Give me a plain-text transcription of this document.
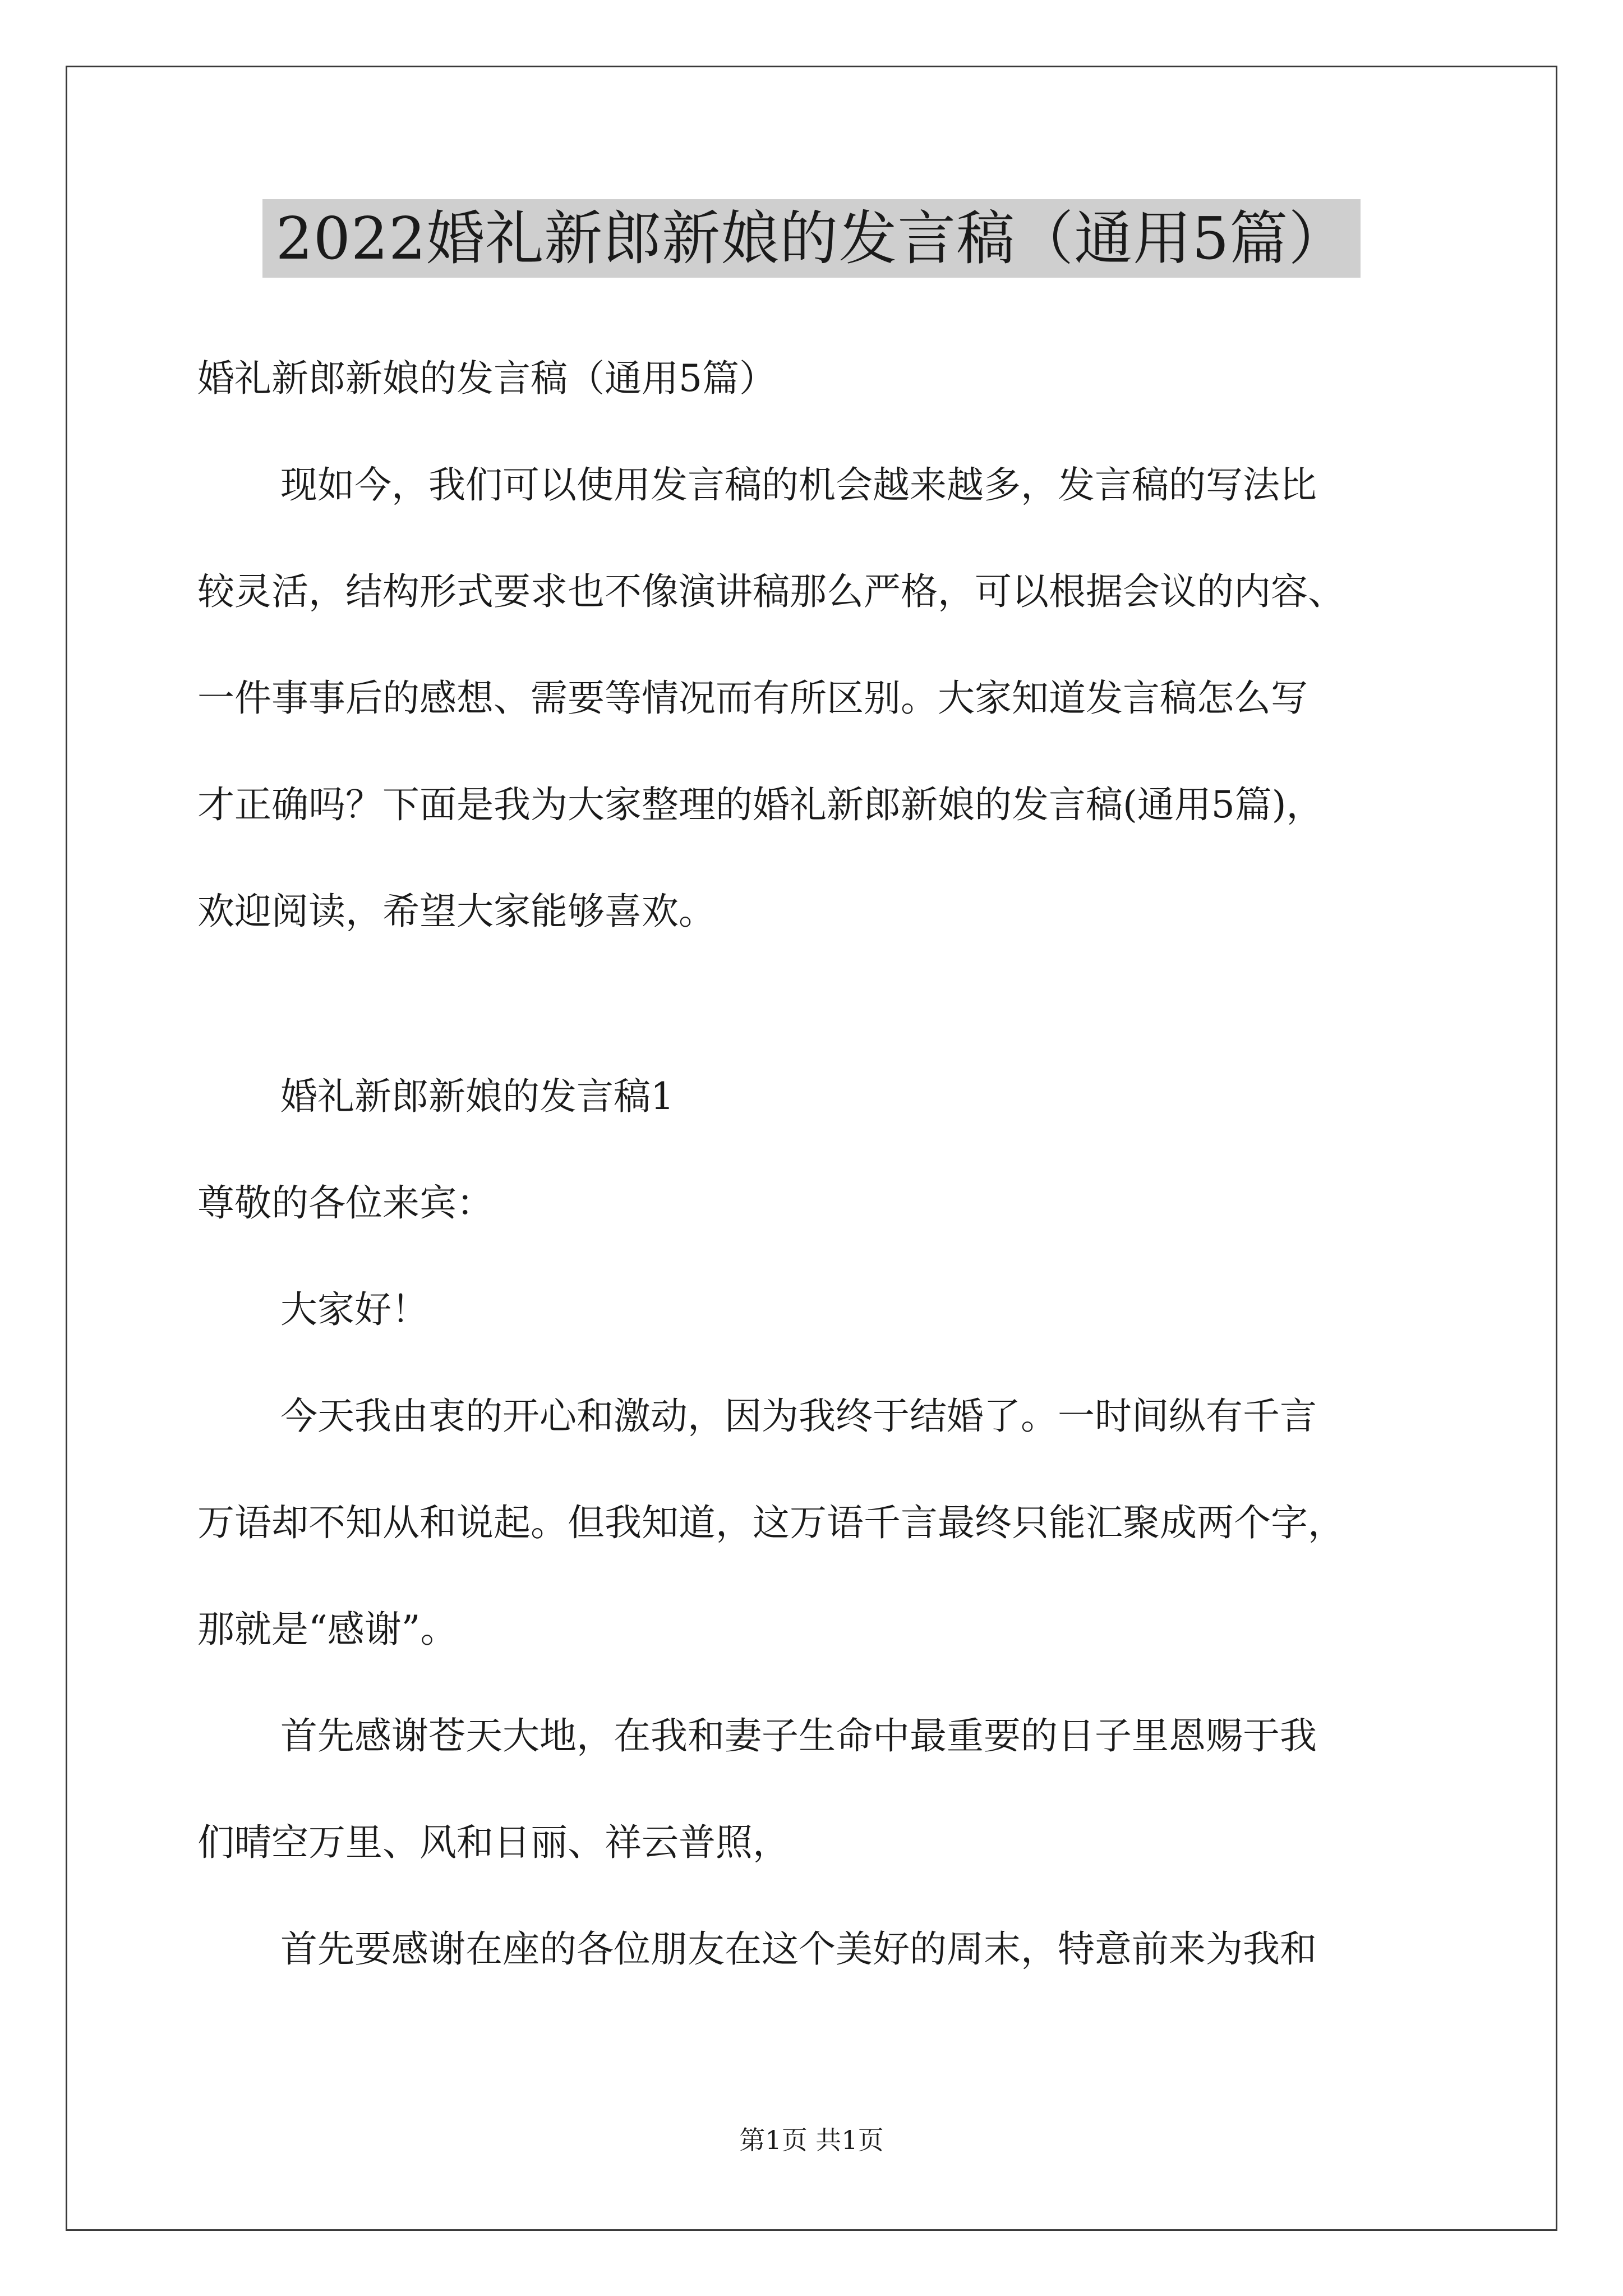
2022婚礼新郎新娘的发言稿（通用5篇）
婚礼新郎新娘的发言稿（通用5篇）
现如今，我们可以使用发言稿的机会越来越多，发言稿的写法比
较灵活，结构形式要求也不像演讲稿那么严格，可以根据会议的内容、
一件事事后的感想、需要等情况而有所区别。大家知道发言稿怎么写
才正确吗？下面是我为大家整理的婚礼新郎新娘的发言稿(通用5篇)，
欢迎阅读，希望大家能够喜欢。
婚礼新郎新娘的发言稿1
尊敬的各位来宾：
大家好！
今天我由衷的开心和激动，因为我终于结婚了。一时间纵有千言
万语却不知从和说起。但我知道，这万语千言最终只能汇聚成两个字，
那就是“感谢”。
首先感谢苍天大地，在我和妻子生命中最重要的日子里恩赐于我
们晴空万里、风和日丽、祥云普照，
首先要感谢在座的各位朋友在这个美好的周末，特意前来为我和
第1页 共1页
